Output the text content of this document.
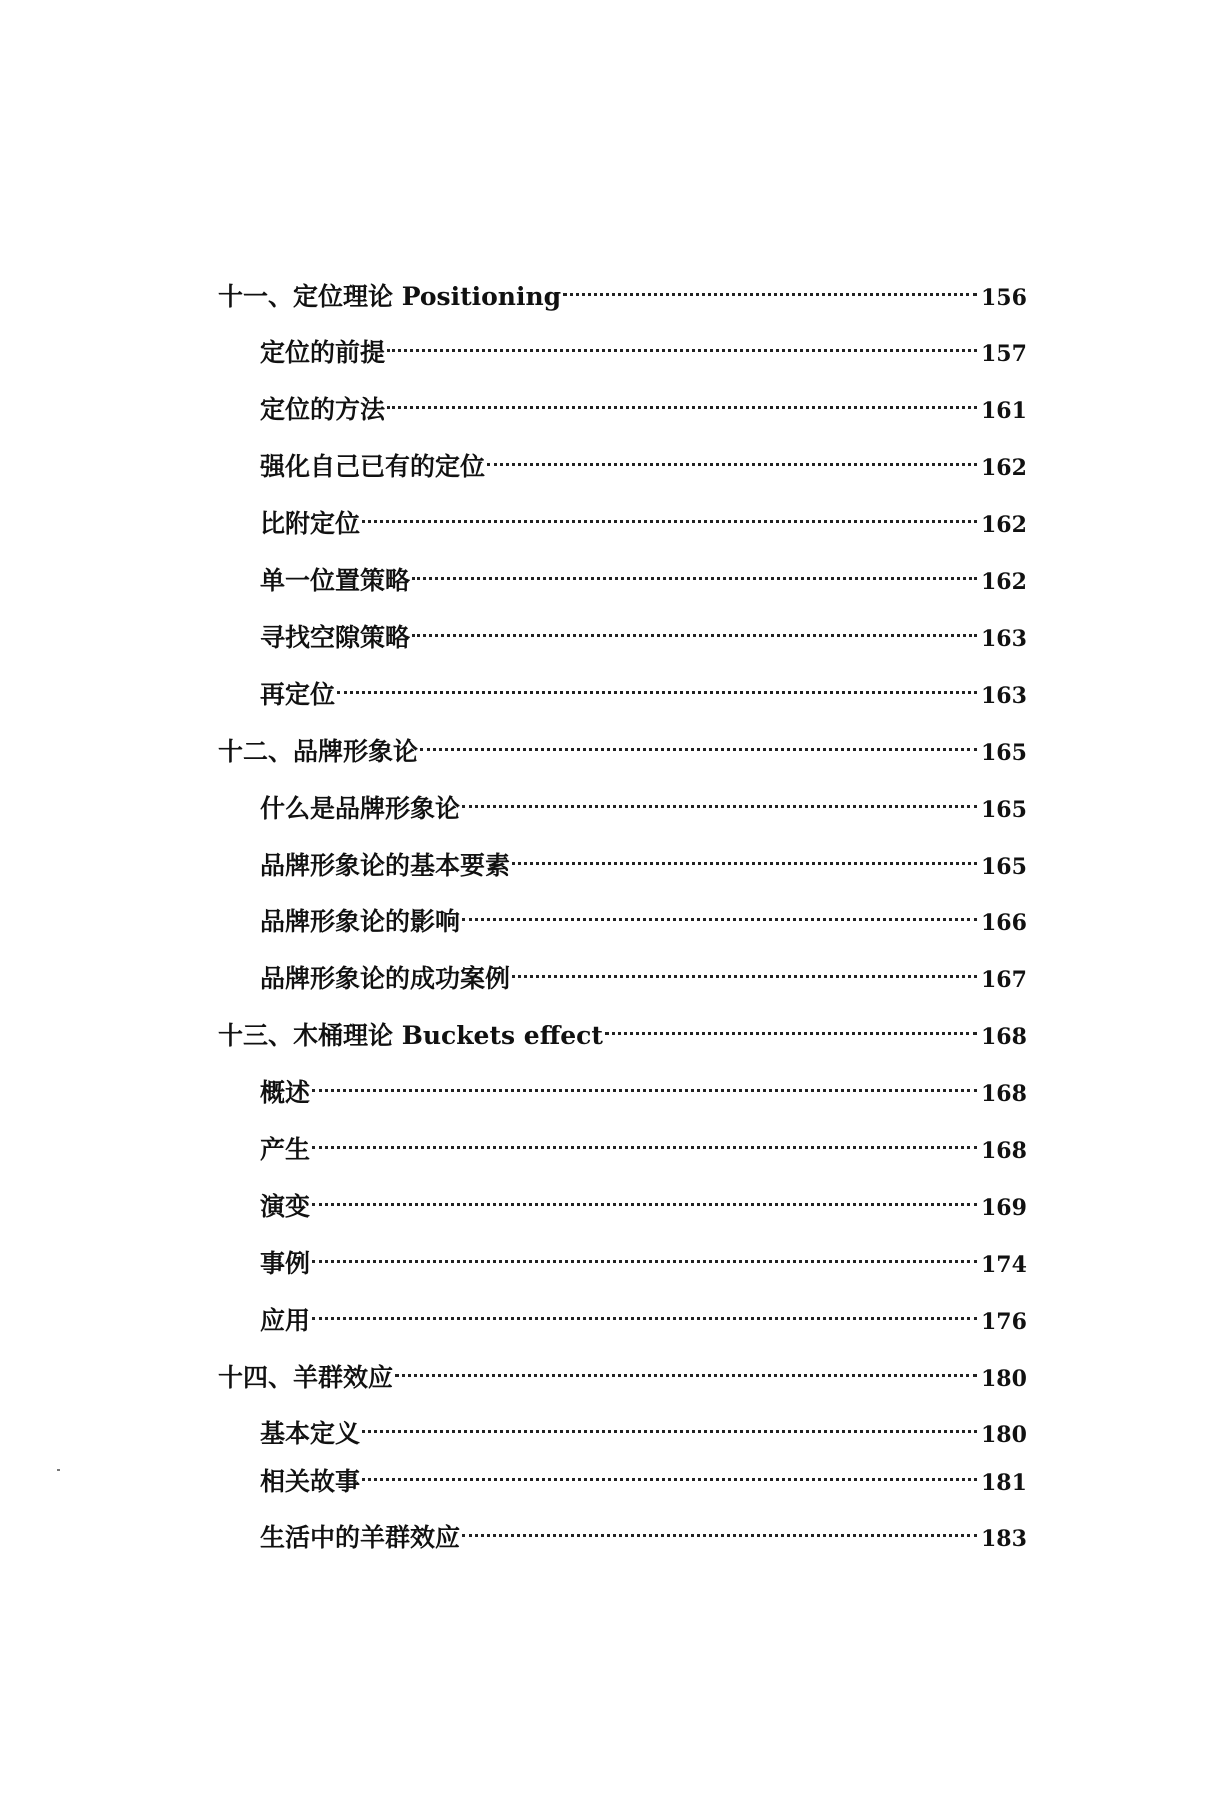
十一、定位理论 Positioning	156
定位的前提	157
定位的方法	161
强化自己已有的定位	162
比附定位	162
单一位置策略	162
寻找空隙策略	163
再定位	163
十二、品牌形象论	165
什么是品牌形象论	165
品牌形象论的基本要素	165
品牌形象论的影响	166
品牌形象论的成功案例	167
十三、木桶理论 Buckets effect	168
概述	168
产生	168
演变	169
事例	174
应用	176
十四、羊群效应	180
基本定义	180
相关故事	181
生活中的羊群效应	183
